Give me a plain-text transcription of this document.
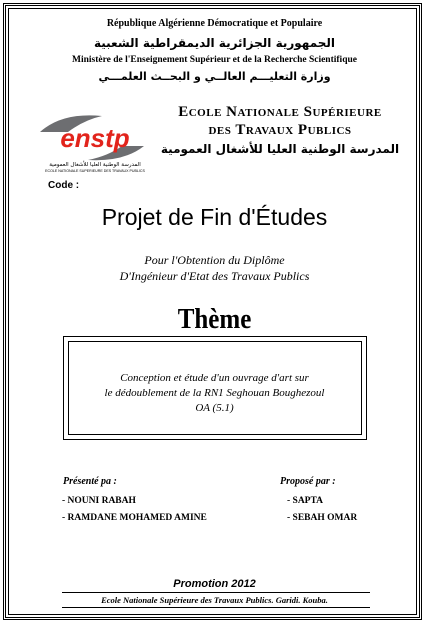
République Algérienne Démocratique et Populaire
الجمهورية الجزائرية الديمقراطية الشعبية
Ministère de l'Enseignement Supérieur et de la Recherche Scientifique
وزارة التعليـــم العالــي و البحــث العلمـــي
enstp
المدرسة الوطنية العليا للأشغال العمومية
ECOLE NATIONALE SUPERIEURE DES TRAVAUX PUBLICS
Ecole Nationale Supérieure
des Travaux Publics
المدرسة الوطنية العليا للأشغال العمومية
Code :
Projet de Fin d'Études
Pour l'Obtention du Diplôme
D'Ingénieur d'Etat des Travaux Publics
Thème
Conception et étude d'un ouvrage d'art sur
le dédoublement de la RN1 Seghouan Boughezoul
OA (5.1)
Présenté pa :
- NOUNI RABAH
- RAMDANE MOHAMED AMINE
Proposé par :
- SAPTA
- SEBAH OMAR
Promotion 2012
Ecole Nationale Supérieure des Travaux Publics. Garidi. Kouba.
